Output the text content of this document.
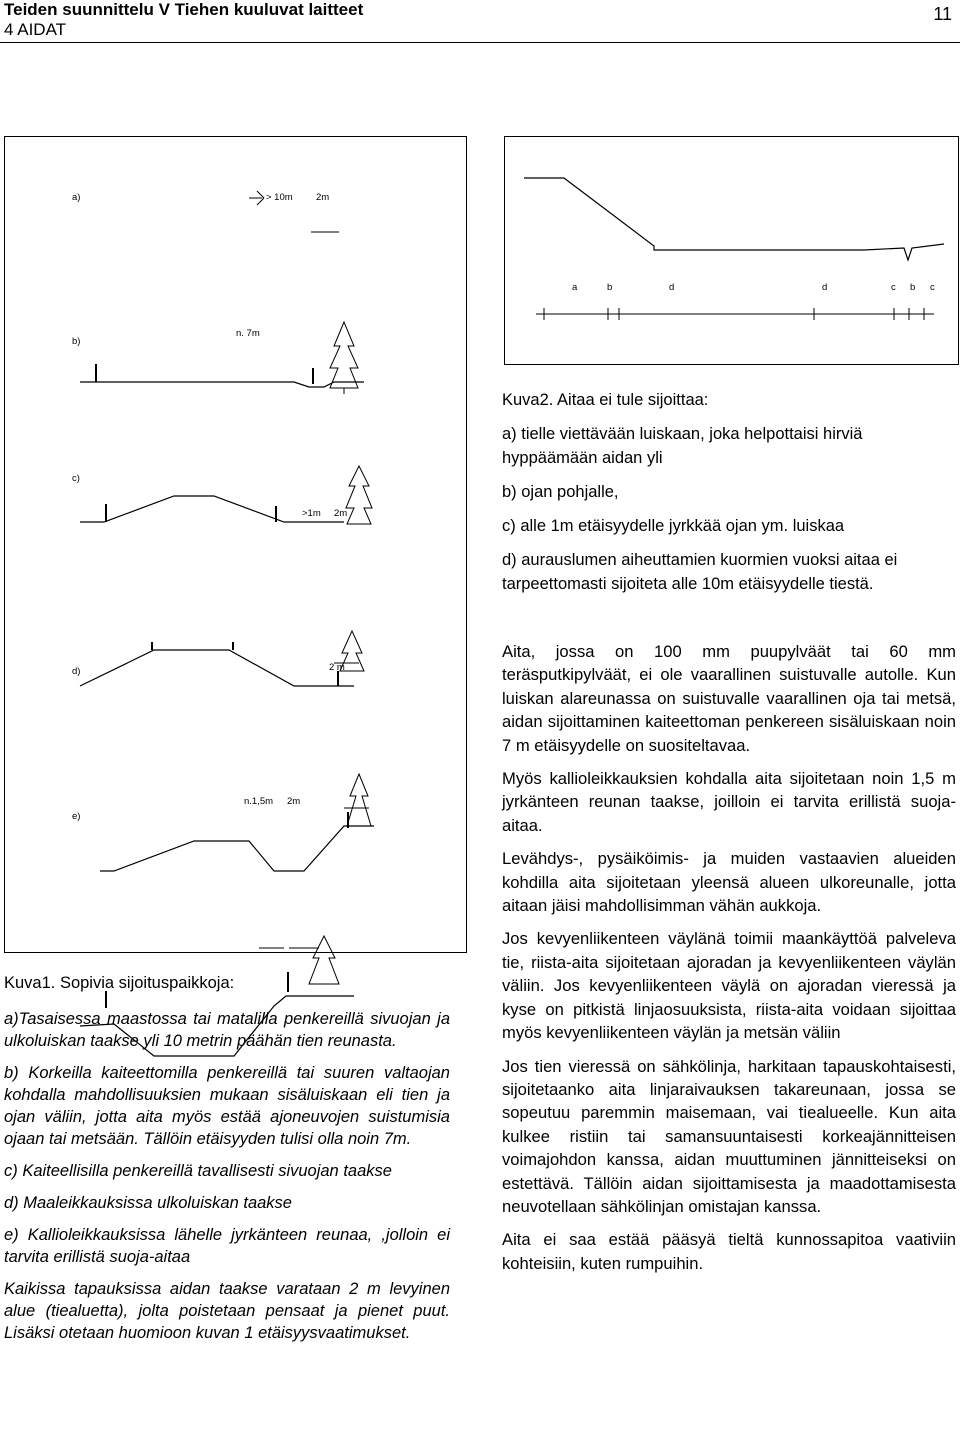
Teiden suunnittelu V Tiehen kuuluvat laitteet
4 AIDAT
11
a)	> 10m 2m
b)
n. 7m
c)
>1m 2m
d)	2 m
e)
n.1,5m 2m
a	b	d	d	c b c

Kuva2. Aitaa ei tule sijoittaa:

a) tielle viettävään luiskaan, joka helpottaisi hirviä hyppäämään aidan yli

b) ojan pohjalle,

c) alle 1m etäisyydelle jyrkkää ojan ym. luiskaa

d) aurauslumen aiheuttamien kuormien vuoksi aitaa ei tarpeettomasti sijoiteta alle 10m etäisyydelle tiestä.

Kuva1. Sopivia sijoituspaikkoja:

a)Tasaisessa maastossa tai matalilla penkereillä sivuojan ja ulkoluiskan taakse yli 10 metrin päähän tien reunasta.

b) Korkeilla kaiteettomilla penkereillä tai suuren valtaojan kohdalla mahdollisuuksien mukaan sisäluiskaan eli tien ja ojan väliin, jotta aita myös estää ajoneuvojen suistumisia ojaan tai metsään. Tällöin etäisyyden tulisi olla noin 7m.

c) Kaiteellisilla penkereillä tavallisesti sivuojan taakse

d) Maaleikkauksissa ulkoluiskan taakse

e) Kallioleikkauksissa lähelle jyrkänteen reunaa, ,jolloin ei tarvita erillistä suoja-aitaa

Kaikissa tapauksissa aidan taakse varataan 2 m levyinen alue (tiealuetta), jolta poistetaan pensaat ja pienet puut. Lisäksi otetaan huomioon kuvan 1 etäisyysvaatimukset.

Aita, jossa on 100 mm puupylväät tai 60 mm teräsputkipylväät, ei ole vaarallinen suistuvalle autolle. Kun luiskan alareunassa on suistuvalle vaarallinen oja tai metsä, aidan sijoittaminen kaiteettoman penkereen sisäluiskaan noin 7 m etäisyydelle on suositeltavaa.

Myös kallioleikkauksien kohdalla aita sijoitetaan noin 1,5 m jyrkänteen reunan taakse, joilloin ei tarvita erillistä suoja-aitaa.

Levähdys-, pysäiköimis- ja muiden vastaavien alueiden kohdilla aita sijoitetaan yleensä alueen ulkoreunalle, jotta aitaan jäisi mahdollisimman vähän aukkoja.

Jos kevyenliikenteen väylänä toimii maankäyttöä palveleva tie, riista-aita sijoitetaan ajoradan ja kevyenliikenteen väylän väliin. Jos kevyenliikenteen väylä on ajoradan vieressä ja kyse on pitkistä linjaosuuksista, riista-aita voidaan sijoittaa myös kevyenliikenteen väylän ja metsän väliin

Jos tien vieressä on sähkölinja, harkitaan tapauskohtaisesti, sijoitetaanko aita linjaraivauksen takareunaan, jossa se sopeutuu paremmin maisemaan, vai tiealueelle. Kun aita kulkee ristiin tai samansuuntaisesti korkeajännitteisen voimajohdon kanssa, aidan muuttuminen jännitteiseksi on estettävä. Tällöin aidan sijoittamisesta ja maadottamisesta neuvotellaan sähkölinjan omistajan kanssa.

Aita ei saa estää pääsyä tieltä kunnossapitoa vaativiin kohteisiin, kuten rumpuihin.
